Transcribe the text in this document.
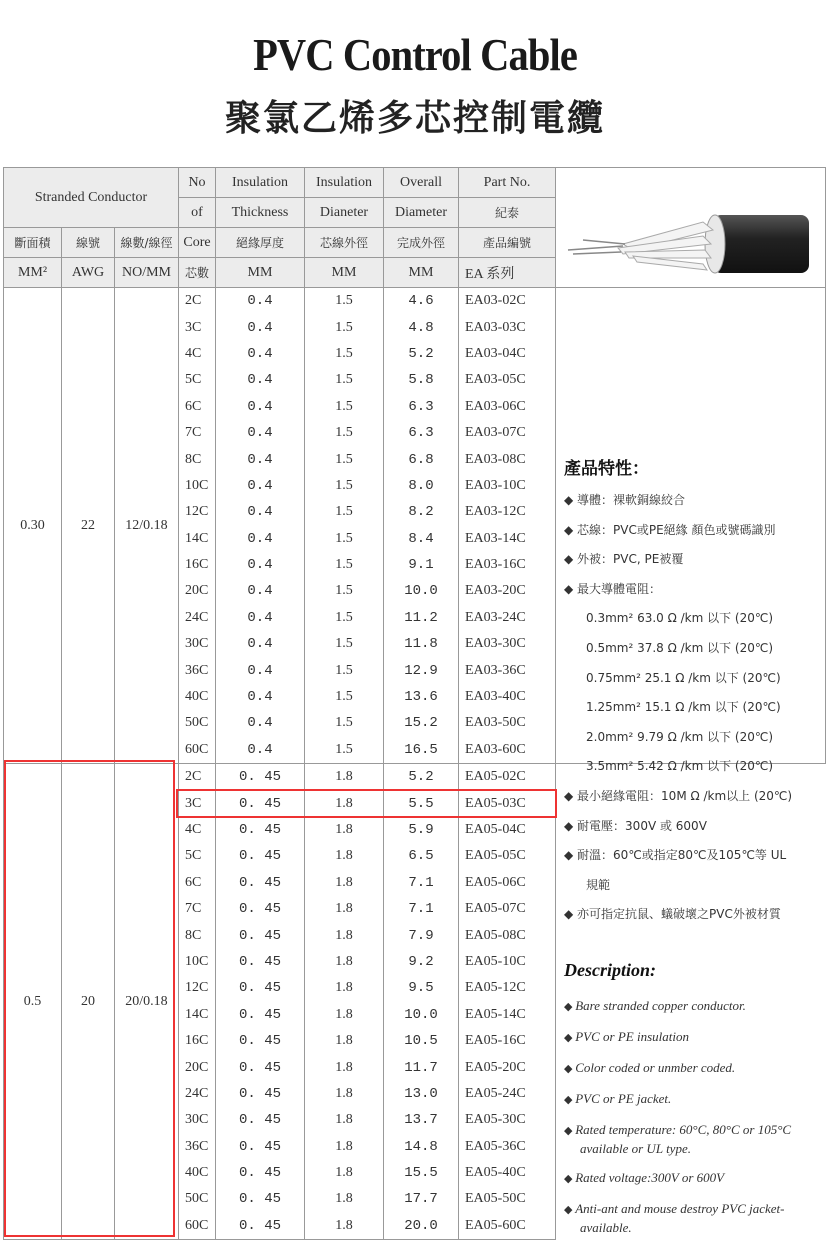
PVC Control Cable
聚氯乙烯多芯控制電纜
Stranded Conductor			No	Insulation	Insulation	Overall	Part No.	
			of	Thickness	Dianeter	Diameter	紀泰	
斷面積	線號	線數/線徑	Core	絕緣厚度	芯線外徑	完成外徑	產品編號	
MM²	AWG	NO/MM	芯數	MM	MM	MM	EA 系列	
0.30	22	12/0.18	2C	0.4	1.5	4.6	EA03-02C	
			3C	0.4	1.5	4.8	EA03-03C	
			4C	0.4	1.5	5.2	EA03-04C	
			5C	0.4	1.5	5.8	EA03-05C	
			6C	0.4	1.5	6.3	EA03-06C	
			7C	0.4	1.5	6.3	EA03-07C	
			8C	0.4	1.5	6.8	EA03-08C	
			10C	0.4	1.5	8.0	EA03-10C	
			12C	0.4	1.5	8.2	EA03-12C	
			14C	0.4	1.5	8.4	EA03-14C	
			16C	0.4	1.5	9.1	EA03-16C	
			20C	0.4	1.5	10.0	EA03-20C	
			24C	0.4	1.5	11.2	EA03-24C	
			30C	0.4	1.5	11.8	EA03-30C	
			36C	0.4	1.5	12.9	EA03-36C	
			40C	0.4	1.5	13.6	EA03-40C	
			50C	0.4	1.5	15.2	EA03-50C	
			60C	0.4	1.5	16.5	EA03-60C	
0.5	20	20/0.18	2C	0. 45	1.8	5.2	EA05-02C	
			3C	0. 45	1.8	5.5	EA05-03C	
			4C	0. 45	1.8	5.9	EA05-04C	
			5C	0. 45	1.8	6.5	EA05-05C	
			6C	0. 45	1.8	7.1	EA05-06C	
			7C	0. 45	1.8	7.1	EA05-07C	
			8C	0. 45	1.8	7.9	EA05-08C	
			10C	0. 45	1.8	9.2	EA05-10C	
			12C	0. 45	1.8	9.5	EA05-12C	
			14C	0. 45	1.8	10.0	EA05-14C	
			16C	0. 45	1.8	10.5	EA05-16C	
			20C	0. 45	1.8	11.7	EA05-20C	
			24C	0. 45	1.8	13.0	EA05-24C	
			30C	0. 45	1.8	13.7	EA05-30C	
			36C	0. 45	1.8	14.8	EA05-36C	
			40C	0. 45	1.8	15.5	EA05-40C	
			50C	0. 45	1.8	17.7	EA05-50C	
			60C	0. 45	1.8	20.0	EA05-60C	
產品特性：
◆ 導體：裸軟銅線絞合
◆ 芯線：PVC或PE絕緣 顏色或號碼識別
◆ 外被：PVC, PE被覆
◆ 最大導體電阻：
0.3mm² 63.0 Ω /km 以下 (20℃)
0.5mm² 37.8 Ω /km 以下 (20℃)
0.75mm² 25.1 Ω /km 以下 (20℃)
1.25mm² 15.1 Ω /km 以下 (20℃)
2.0mm² 9.79 Ω /km 以下 (20℃)
3.5mm² 5.42 Ω /km 以下 (20℃)
◆ 最小絕緣電阻：10M Ω /km以上 (20℃)
◆ 耐電壓：300V 或 600V
◆ 耐溫：60℃或指定80℃及105℃等 UL
規範
◆ 亦可指定抗鼠、蟻破壞之PVC外被材質
Description:
◆ Bare stranded copper conductor.
◆ PVC or PE insulation
◆ Color coded or unmber coded.
◆ PVC or PE jacket.
◆ Rated temperature: 60°C, 80°C or 105°C available or UL type.
◆ Rated voltage:300V or 600V
◆ Anti-ant and mouse destroy PVC jacket-available.
